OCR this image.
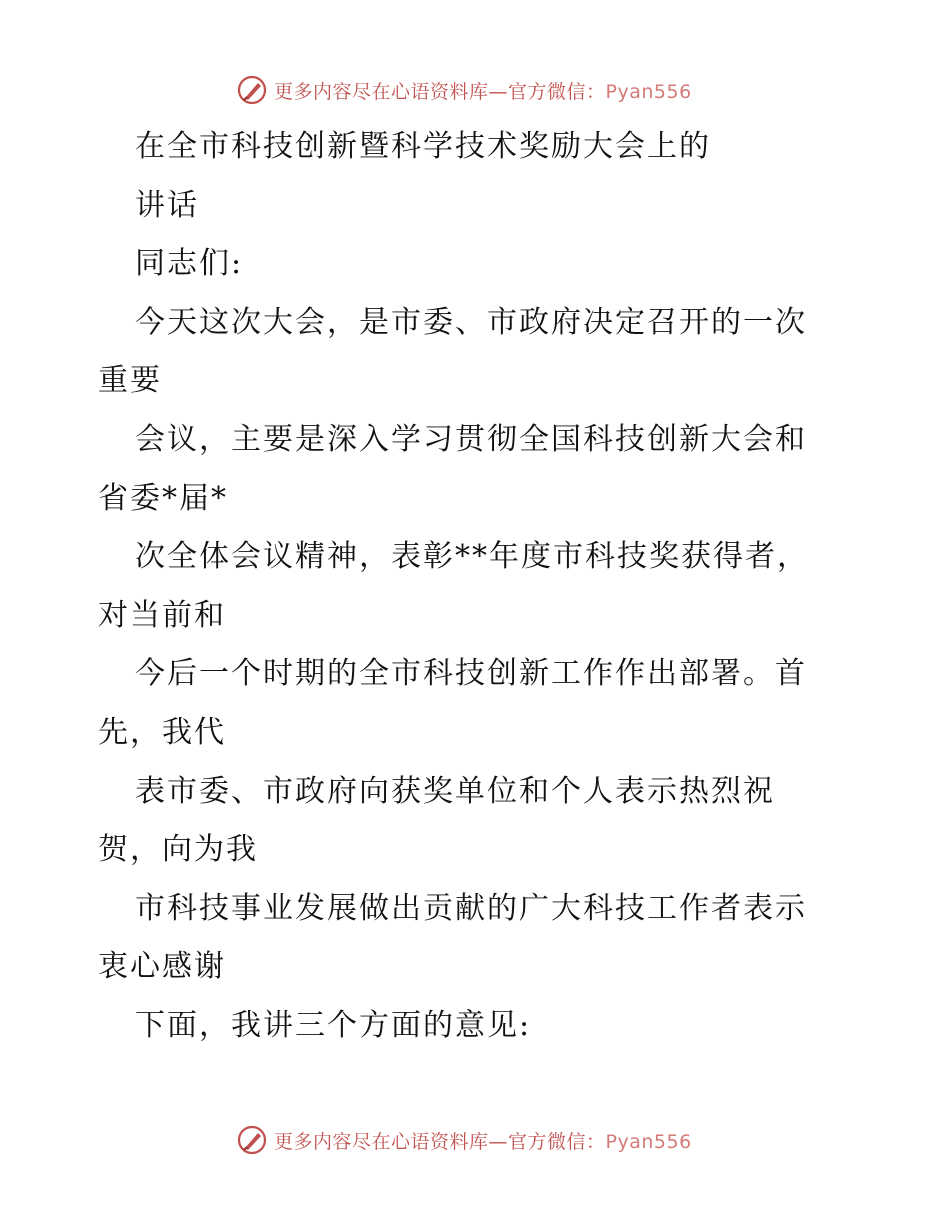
更多内容尽在心语资料库—官方微信：Pyan556
在全市科技创新暨科学技术奖励大会上的
讲话
同志们:
今天这次大会，是市委、市政府决定召开的一次
重要
会议，主要是深入学习贯彻全国科技创新大会和
省委*届*
次全体会议精神，表彰**年度市科技奖获得者，
对当前和
今后一个时期的全市科技创新工作作出部署。首
先，我代
表市委、市政府向获奖单位和个人表示热烈祝
贺，向为我
市科技事业发展做出贡献的广大科技工作者表示
衷心感谢
下面，我讲三个方面的意见:
更多内容尽在心语资料库—官方微信：Pyan556
